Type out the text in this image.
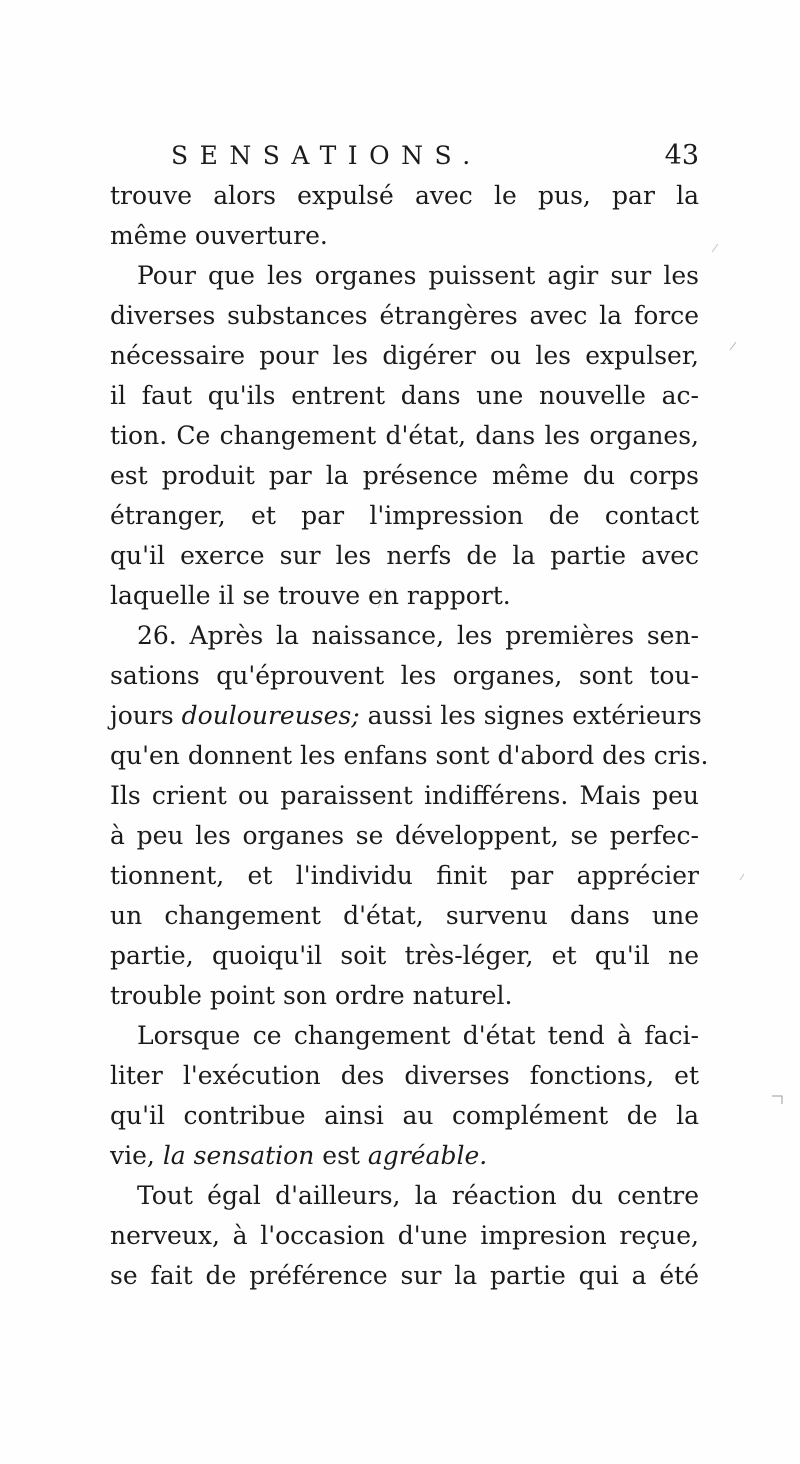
SENSATIONS.	43
trouve alors expulsé avec le pus, par la
même ouverture.
Pour que les organes puissent agir sur les
diverses substances étrangères avec la force
nécessaire pour les digérer ou les expulser,
il faut qu'ils entrent dans une nouvelle ac-
tion. Ce changement d'état, dans les organes,
est produit par la présence même du corps
étranger, et par l'impression de contact
qu'il exerce sur les nerfs de la partie avec
laquelle il se trouve en rapport.
26. Après la naissance, les premières sen-
sations qu'éprouvent les organes, sont tou-
jours douloureuses; aussi les signes extérieurs
qu'en donnent les enfans sont d'abord des cris.
Ils crient ou paraissent indifférens. Mais peu
à peu les organes se développent, se perfec-
tionnent, et l'individu finit par apprécier
un changement d'état, survenu dans une
partie, quoiqu'il soit très-léger, et qu'il ne
trouble point son ordre naturel.
Lorsque ce changement d'état tend à faci-
liter l'exécution des diverses fonctions, et
qu'il contribue ainsi au complément de la
vie, la sensation est agréable.
Tout égal d'ailleurs, la réaction du centre
nerveux, à l'occasion d'une impresion reçue,
se fait de préférence sur la partie qui a été
